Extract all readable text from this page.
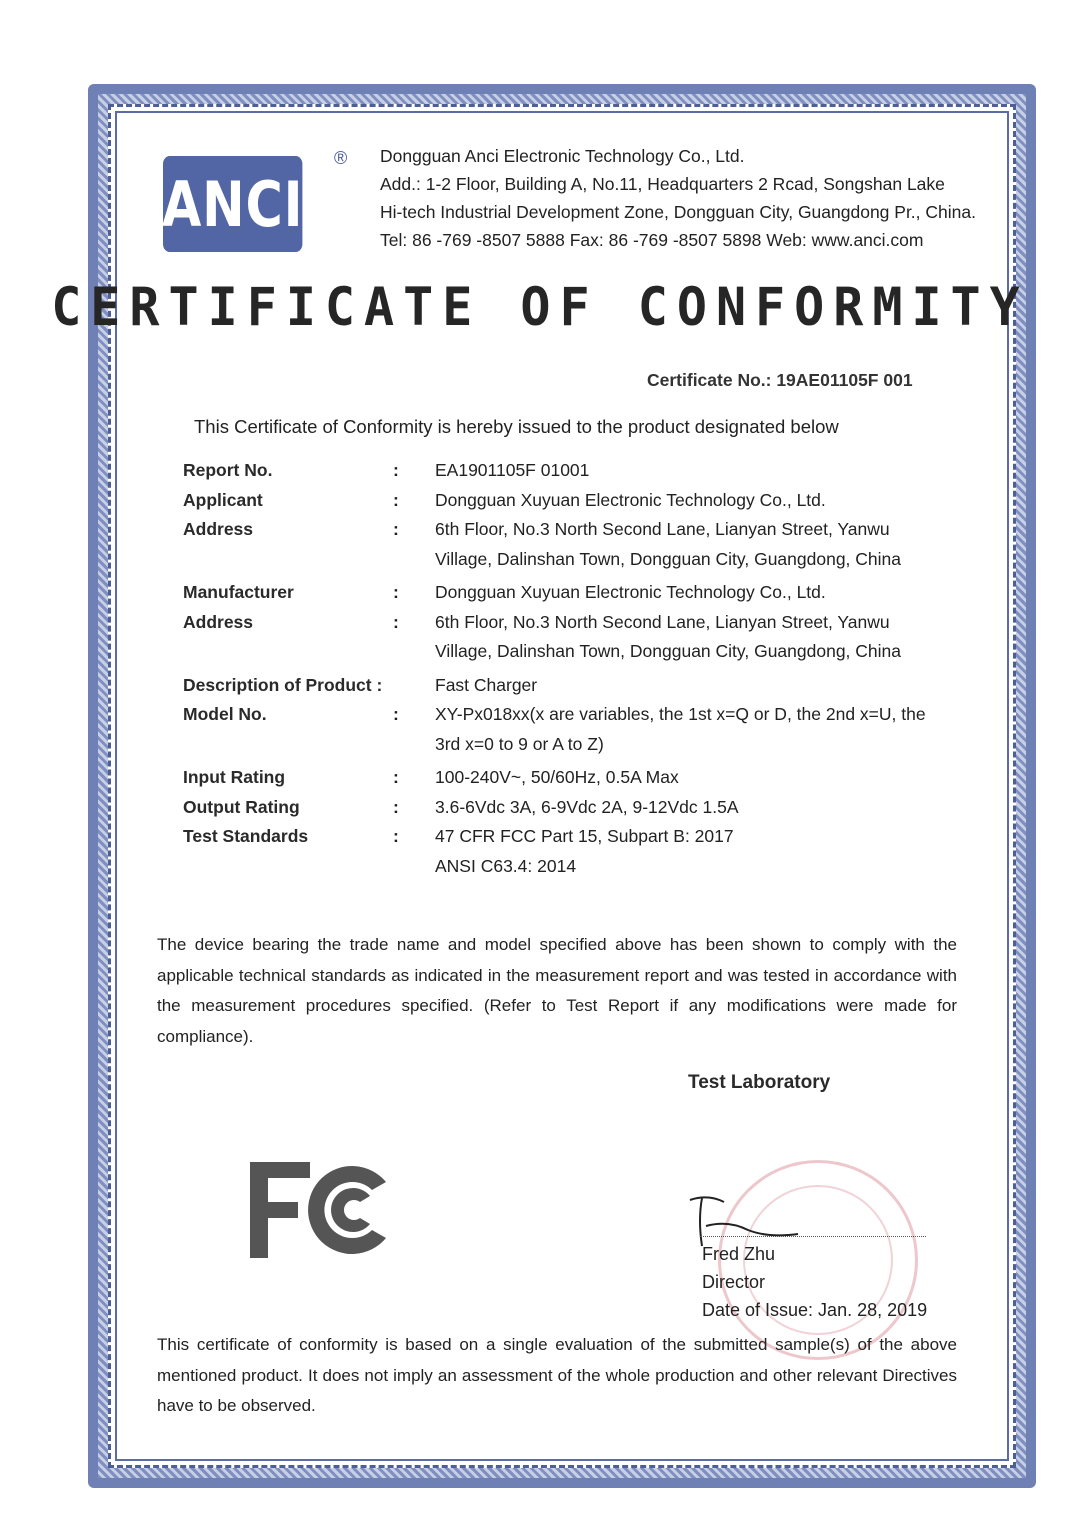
ANCI
® Dongguan Anci Electronic Technology Co., Ltd.
Add.: 1-2 Floor, Building A, No.11, Headquarters 2 Rcad, Songshan Lake
Hi-tech Industrial Development Zone, Dongguan City, Guangdong Pr., China.
Tel: 86 -769 -8507 5888 Fax: 86 -769 -8507 5898 Web: www.anci.com
CERTIFICATE OF CONFORMITY
Certificate No.: 19AE01105F 001
This Certificate of Conformity is hereby issued to the product designated below
Report No.	:	EA1901105F 01001
Applicant	:	Dongguan Xuyuan Electronic Technology Co., Ltd.
Address	:	6th Floor, No.3 North Second Lane, Lianyan Street, Yanwu
Village, Dalinshan Town, Dongguan City, Guangdong, China
Manufacturer	:	Dongguan Xuyuan Electronic Technology Co., Ltd.
Address	:	6th Floor, No.3 North Second Lane, Lianyan Street, Yanwu
Village, Dalinshan Town, Dongguan City, Guangdong, China
Description of Product :	Fast Charger
Model No.	:	XY-Px018xx(x are variables, the 1st x=Q or D, the 2nd x=U, the
3rd x=0 to 9 or A to Z)
Input Rating	:	100-240V~, 50/60Hz, 0.5A Max
Output Rating	:	3.6-6Vdc 3A, 6-9Vdc 2A, 9-12Vdc 1.5A
Test Standards	:	47 CFR FCC Part 15, Subpart B: 2017
ANSI C63.4: 2014
The device bearing the trade name and model specified above has been shown to comply with the applicable technical standards as indicated in the measurement report and was tested in accordance with the measurement procedures specified. (Refer to Test Report if any modifications were made for compliance).
Test Laboratory
Fred Zhu
Director
Date of Issue: Jan. 28, 2019
This certificate of conformity is based on a single evaluation of the submitted sample(s) of the above mentioned product. It does not imply an assessment of the whole production and other relevant Directives have to be observed.
